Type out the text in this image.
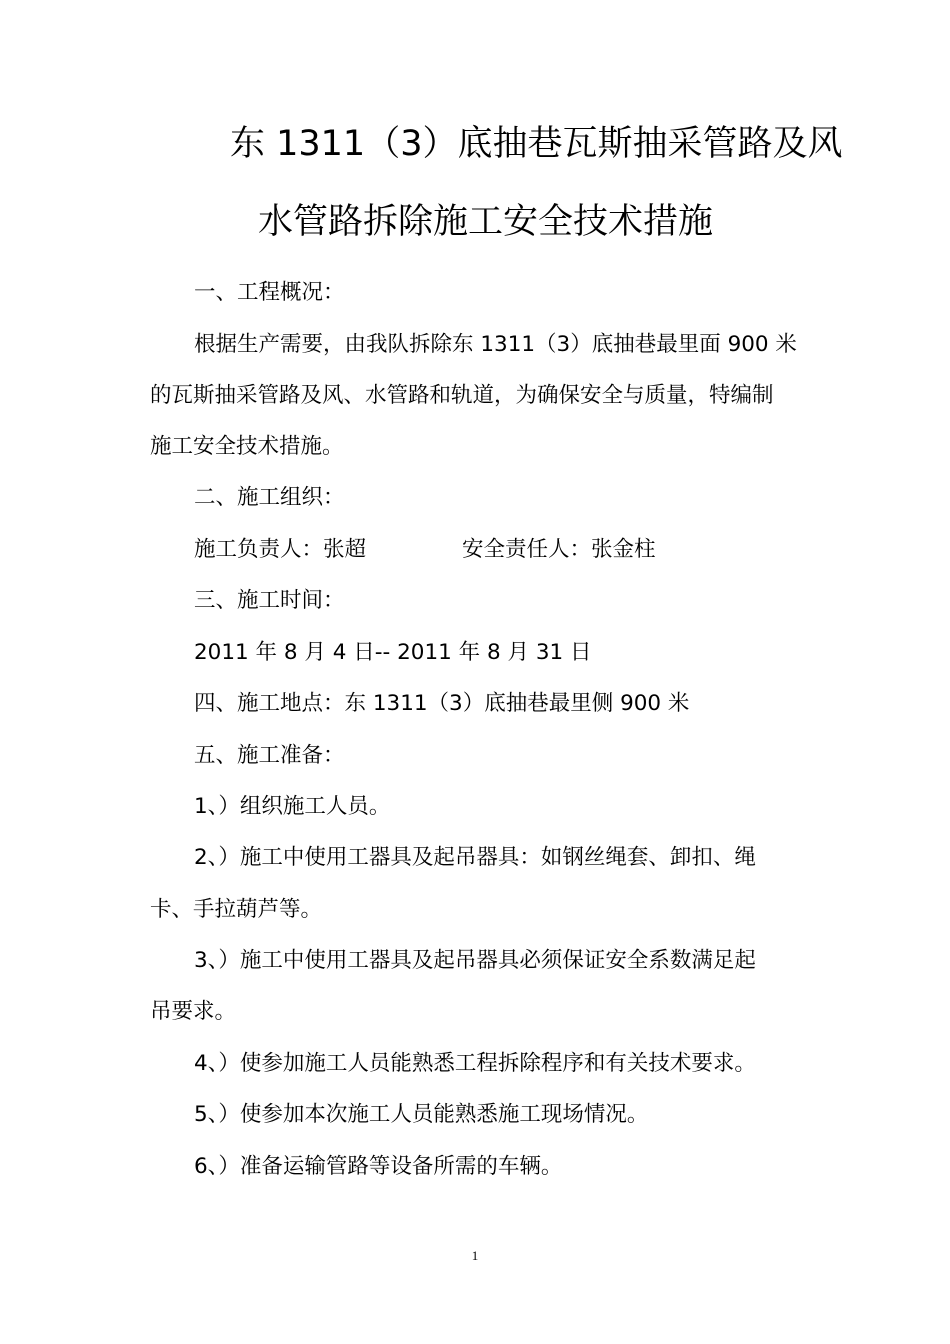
东 1311（3）底抽巷瓦斯抽采管路及风
水管路拆除施工安全技术措施
一、工程概况：
根据生产需要，由我队拆除东 1311（3）底抽巷最里面 900 米
的瓦斯抽采管路及风、水管路和轨道，为确保安全与质量，特编制
施工安全技术措施。
二、施工组织：
施工负责人：张超	安全责任人：张金柱
三、施工时间：
2011 年 8 月 4 日-- 2011 年 8 月 31 日
四、施工地点：东 1311（3）底抽巷最里侧 900 米
五、施工准备：
1、）组织施工人员。
2、）施工中使用工器具及起吊器具：如钢丝绳套、卸扣、绳
卡、手拉葫芦等。
3、）施工中使用工器具及起吊器具必须保证安全系数满足起
吊要求。
4、）使参加施工人员能熟悉工程拆除程序和有关技术要求。
5、）使参加本次施工人员能熟悉施工现场情况。
6、）准备运输管路等设备所需的车辆。
1
